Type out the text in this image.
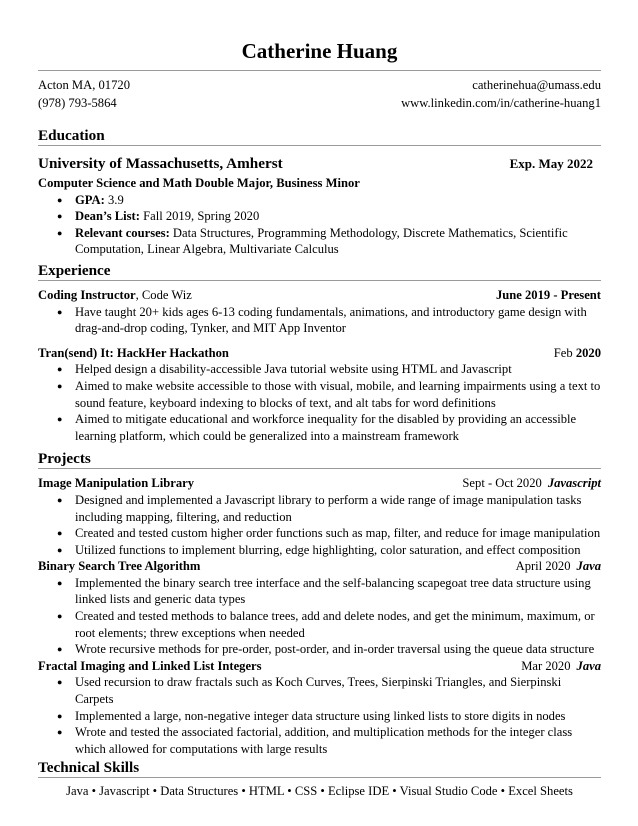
Catherine Huang
Acton MA, 01720	catherinehua@umass.edu
(978) 793-5864	www.linkedin.com/in/catherine-huang1
Education
University of Massachusetts, Amherst	Exp. May 2022
Computer Science and Math Double Major, Business Minor
● GPA: 3.9
● Dean’s List: Fall 2019, Spring 2020
● Relevant courses: Data Structures, Programming Methodology, Discrete Mathematics, Scientific Computation, Linear Algebra, Multivariate Calculus
Experience
Coding Instructor, Code Wiz	June 2019 - Present
● Have taught 20+ kids ages 6-13 coding fundamentals, animations, and introductory game design with drag-and-drop coding, Tynker, and MIT App Inventor
Tran(send) It: HackHer Hackathon	Feb 2020
● Helped design a disability-accessible Java tutorial website using HTML and Javascript
● Aimed to make website accessible to those with visual, mobile, and learning impairments using a text to sound feature, keyboard indexing to blocks of text, and alt tabs for word definitions
● Aimed to mitigate educational and workforce inequality for the disabled by providing an accessible learning platform, which could be generalized into a mainstream framework
Projects
Image Manipulation Library	Sept - Oct 2020 Javascript
● Designed and implemented a Javascript library to perform a wide range of image manipulation tasks including mapping, filtering, and reduction
● Created and tested custom higher order functions such as map, filter, and reduce for image manipulation
● Utilized functions to implement blurring, edge highlighting, color saturation, and effect composition
Binary Search Tree Algorithm	April 2020 Java
● Implemented the binary search tree interface and the self-balancing scapegoat tree data structure using linked lists and generic data types
● Created and tested methods to balance trees, add and delete nodes, and get the minimum, maximum, or root elements; threw exceptions when needed
● Wrote recursive methods for pre-order, post-order, and in-order traversal using the queue data structure
Fractal Imaging and Linked List Integers	Mar 2020 Java
● Used recursion to draw fractals such as Koch Curves, Trees, Sierpinski Triangles, and Sierpinski Carpets
● Implemented a large, non-negative integer data structure using linked lists to store digits in nodes
● Wrote and tested the associated factorial, addition, and multiplication methods for the integer class which allowed for computations with large results
Technical Skills
Java • Javascript • Data Structures • HTML • CSS • Eclipse IDE • Visual Studio Code • Excel Sheets
